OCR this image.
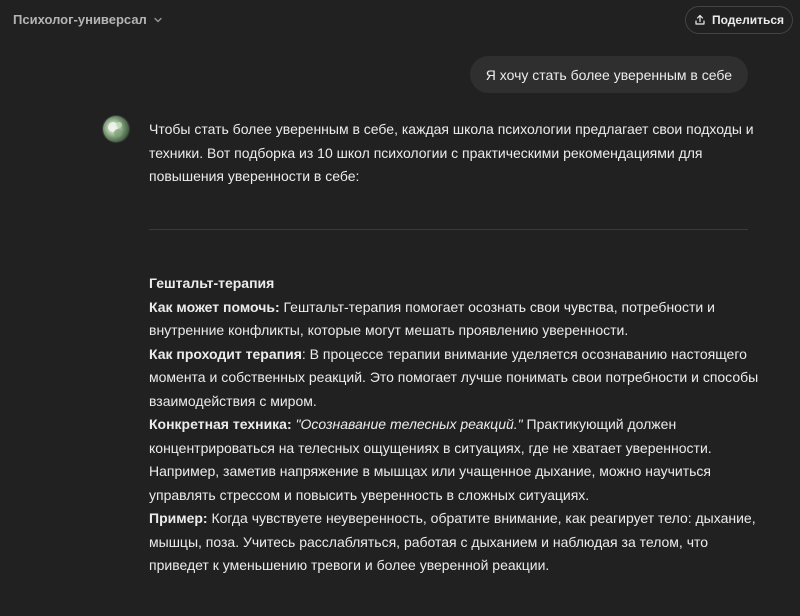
Психолог-универсал	Поделиться
Я хочу стать более уверенным в себе

Чтобы стать более уверенным в себе, каждая школа психологии предлагает свои подходы и техники. Вот подборка из 10 школ психологии с практическими рекомендациями для повышения уверенности в себе:

Гештальт-терапия

Как может помочь: Гештальт-терапия помогает осознать свои чувства, потребности и внутренние конфликты, которые могут мешать проявлению уверенности.

Как проходит терапия: В процессе терапии внимание уделяется осознаванию настоящего момента и собственных реакций. Это помогает лучше понимать свои потребности и способы взаимодействия с миром.

Конкретная техника: "Осознавание телесных реакций." Практикующий должен концентрироваться на телесных ощущениях в ситуациях, где не хватает уверенности. Например, заметив напряжение в мышцах или учащенное дыхание, можно научиться управлять стрессом и повысить уверенность в сложных ситуациях.

Пример: Когда чувствуете неуверенность, обратите внимание, как реагирует тело: дыхание, мышцы, поза. Учитесь расслабляться, работая с дыханием и наблюдая за телом, что приведет к уменьшению тревоги и более уверенной реакции.
